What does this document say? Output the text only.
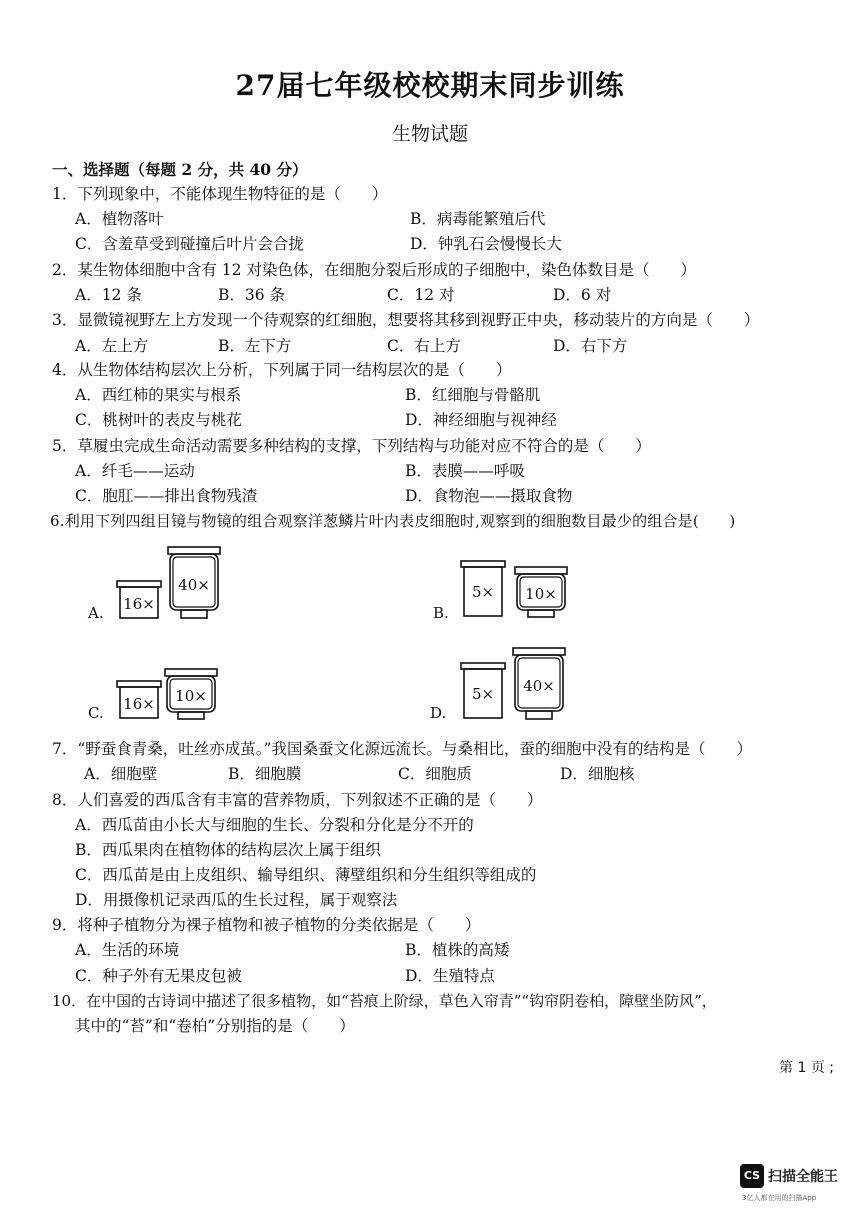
27届七年级校校期末同步训练
生物试题
一、选择题（每题 2 分，共 40 分）
1．下列现象中，不能体现生物特征的是（　　）
A．植物落叶	B．病毒能繁殖后代
C．含羞草受到碰撞后叶片会合拢	D．钟乳石会慢慢长大
2．某生物体细胞中含有 12 对染色体，在细胞分裂后形成的子细胞中，染色体数目是（　　）
A．12 条	B．36 条	C．12 对	D．6 对
3．显微镜视野左上方发现一个待观察的红细胞，想要将其移到视野正中央，移动装片的方向是（　　）
A．左上方	B．左下方	C．右上方	D．右下方
4．从生物体结构层次上分析，下列属于同一结构层次的是（　　）
A．西红柿的果实与根系	B．红细胞与骨骼肌
C．桃树叶的表皮与桃花	D．神经细胞与视神经
5．草履虫完成生命活动需要多种结构的支撑，下列结构与功能对应不符合的是（　　）
A．纤毛——运动	B．表膜——呼吸
C．胞肛——排出食物残渣	D．食物泡——摄取食物
6.利用下列四组目镜与物镜的组合观察洋葱鳞片叶内表皮细胞时,观察到的细胞数目最少的组合是(　　)
A. 16×
40×
B.
5× 10×
C. 16× 10×
D.
5× 40×
7．“野蚕食青桑，吐丝亦成茧。”我国桑蚕文化源远流长。与桑相比，蚕的细胞中没有的结构是（　　）
A．细胞壁	B．细胞膜	C．细胞质	D．细胞核
8．人们喜爱的西瓜含有丰富的营养物质，下列叙述不正确的是（　　）
A．西瓜苗由小长大与细胞的生长、分裂和分化是分不开的
B．西瓜果肉在植物体的结构层次上属于组织
C．西瓜苗是由上皮组织、输导组织、薄壁组织和分生组织等组成的
D．用摄像机记录西瓜的生长过程，属于观察法
9．将种子植物分为裸子植物和被子植物的分类依据是（　　）
A．生活的环境	B．植株的高矮
C．种子外有无果皮包被	D．生殖特点
10．在中国的古诗词中描述了很多植物，如“苔痕上阶绿，草色入帘青”“钩帘阴卷柏，障壁坐防风”，
其中的“苔”和“卷柏”分别指的是（　　）
第 1 页 ;
CS 扫描全能王
3亿人都在用的扫描App
